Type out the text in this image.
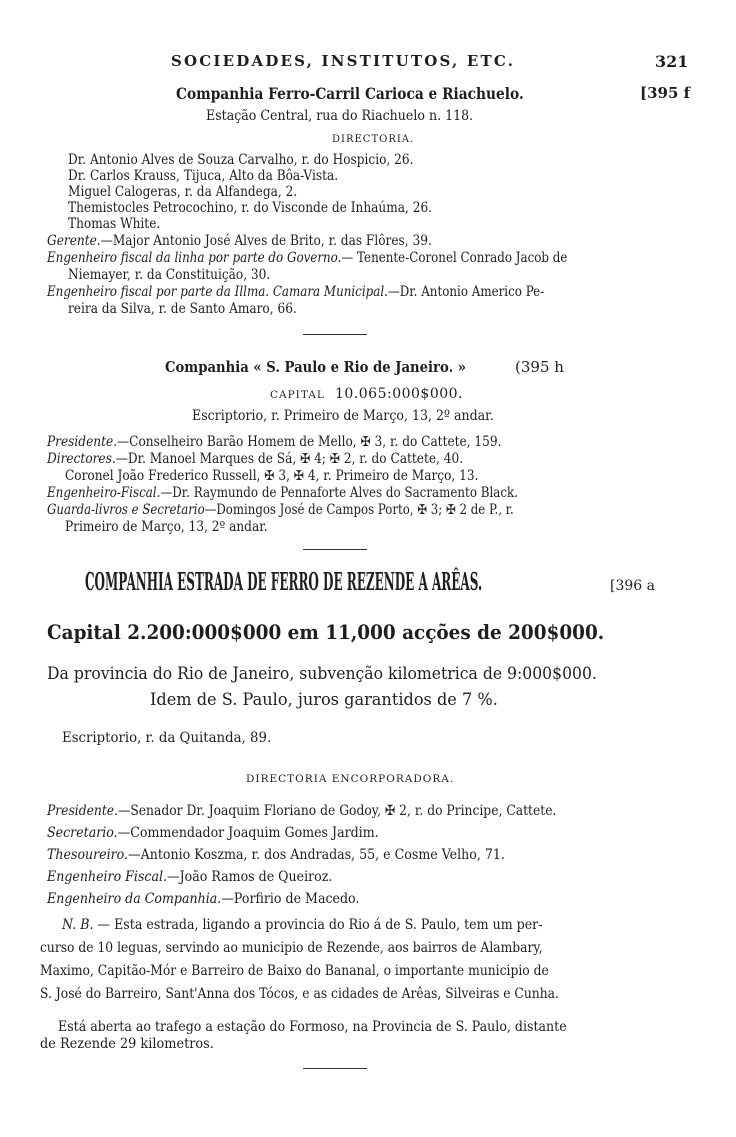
SOCIEDADES, INSTITUTOS, ETC.	321
Companhia Ferro-Carril Carioca e Riachuelo.	[395 f
Estação Central, rua do Riachuelo n. 118.
DIRECTORIA.
Dr. Antonio Alves de Souza Carvalho, r. do Hospicio, 26.
Dr. Carlos Krauss, Tijuca, Alto da Bôa-Vista.
Miguel Calogeras, r. da Alfandega, 2.
Themistocles Petrocochino, r. do Visconde de Inhaúma, 26.
Thomas White.
Gerente.—Major Antonio José Alves de Brito, r. das Flôres, 39.
Engenheiro fiscal da linha por parte do Governo.— Tenente-Coronel Conrado Jacob de
Niemayer, r. da Constituição, 30.
Engenheiro fiscal por parte da Illma. Camara Municipal.—Dr. Antonio Americo Pe-
reira da Silva, r. de Santo Amaro, 66.
Companhia « S. Paulo e Rio de Janeiro. »	(395 h
CAPITAL 10.065:000$000.
Escriptorio, r. Primeiro de Março, 13, 2º andar.
Presidente.—Conselheiro Barão Homem de Mello, ✠ 3, r. do Cattete, 159.
Directores.—Dr. Manoel Marques de Sá, ✠ 4; ✠ 2, r. do Cattete, 40.
Coronel João Frederico Russell, ✠ 3, ✠ 4, r. Primeiro de Março, 13.
Engenheiro-Fiscal.—Dr. Raymundo de Pennaforte Alves do Sacramento Black.
Guarda-livros e Secretario—Domingos José de Campos Porto, ✠ 3; ✠ 2 de P., r.
Primeiro de Março, 13, 2º andar.
COMPANHIA ESTRADA DE FERRO DE REZENDE A ARÊAS.	[396 a
Capital 2.200:000$000 em 11,000 acções de 200$000.
Da provincia do Rio de Janeiro, subvenção kilometrica de 9:000$000.
Idem de S. Paulo, juros garantidos de 7 %.
Escriptorio, r. da Quitanda, 89.
DIRECTORIA ENCORPORADORA.
Presidente.—Senador Dr. Joaquim Floriano de Godoy, ✠ 2, r. do Principe, Cattete.
Secretario.—Commendador Joaquim Gomes Jardim.
Thesoureiro.—Antonio Koszma, r. dos Andradas, 55, e Cosme Velho, 71.
Engenheiro Fiscal.—João Ramos de Queiroz.
Engenheiro da Companhia.—Porfirio de Macedo.
N. B. — Esta estrada, ligando a provincia do Rio á de S. Paulo, tem um per-
curso de 10 leguas, servindo ao municipio de Rezende, aos bairros de Alambary,
Maximo, Capitão-Mór e Barreiro de Baixo do Bananal, o importante municipio de
S. José do Barreiro, Sant'Anna dos Tócos, e as cidades de Arêas, Silveiras e Cunha.
Está aberta ao trafego a estação do Formoso, na Provincia de S. Paulo, distante
de Rezende 29 kilometros.
